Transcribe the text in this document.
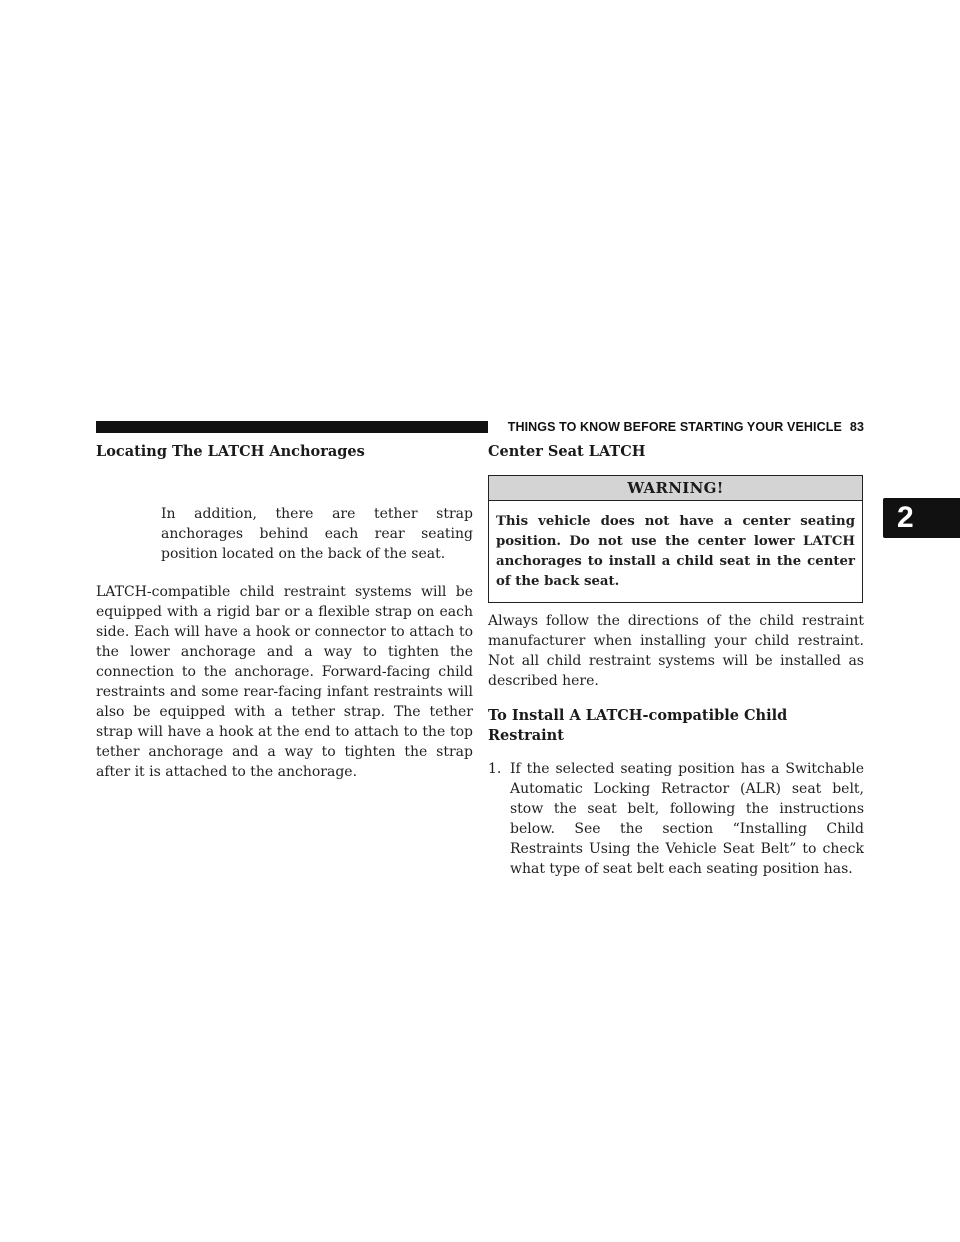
THINGS TO KNOW BEFORE STARTING YOUR VEHICLE 83
2
Locating The LATCH Anchorages

In addition, there are tether strap anchorages behind each rear seating position located on the back of the seat.

LATCH-compatible child restraint systems will be equipped with a rigid bar or a flexible strap on each side. Each will have a hook or connector to attach to the lower anchorage and a way to tighten the connection to the anchorage. Forward-facing child restraints and some rear-facing infant restraints will also be equipped with a tether strap. The tether strap will have a hook at the end to attach to the top tether anchorage and a way to tighten the strap after it is attached to the anchorage.

Center Seat LATCH
WARNING!
This vehicle does not have a center seating position. Do not use the center lower LATCH anchorages to install a child seat in the center of the back seat.

Always follow the directions of the child restraint manufacturer when installing your child restraint. Not all child restraint systems will be installed as described here.

To Install A LATCH-compatible Child Restraint
1. If the selected seating position has a Switchable Automatic Locking Retractor (ALR) seat belt, stow the seat belt, following the instructions below. See the section “Installing Child Restraints Using the Vehicle Seat Belt” to check what type of seat belt each seating position has.
